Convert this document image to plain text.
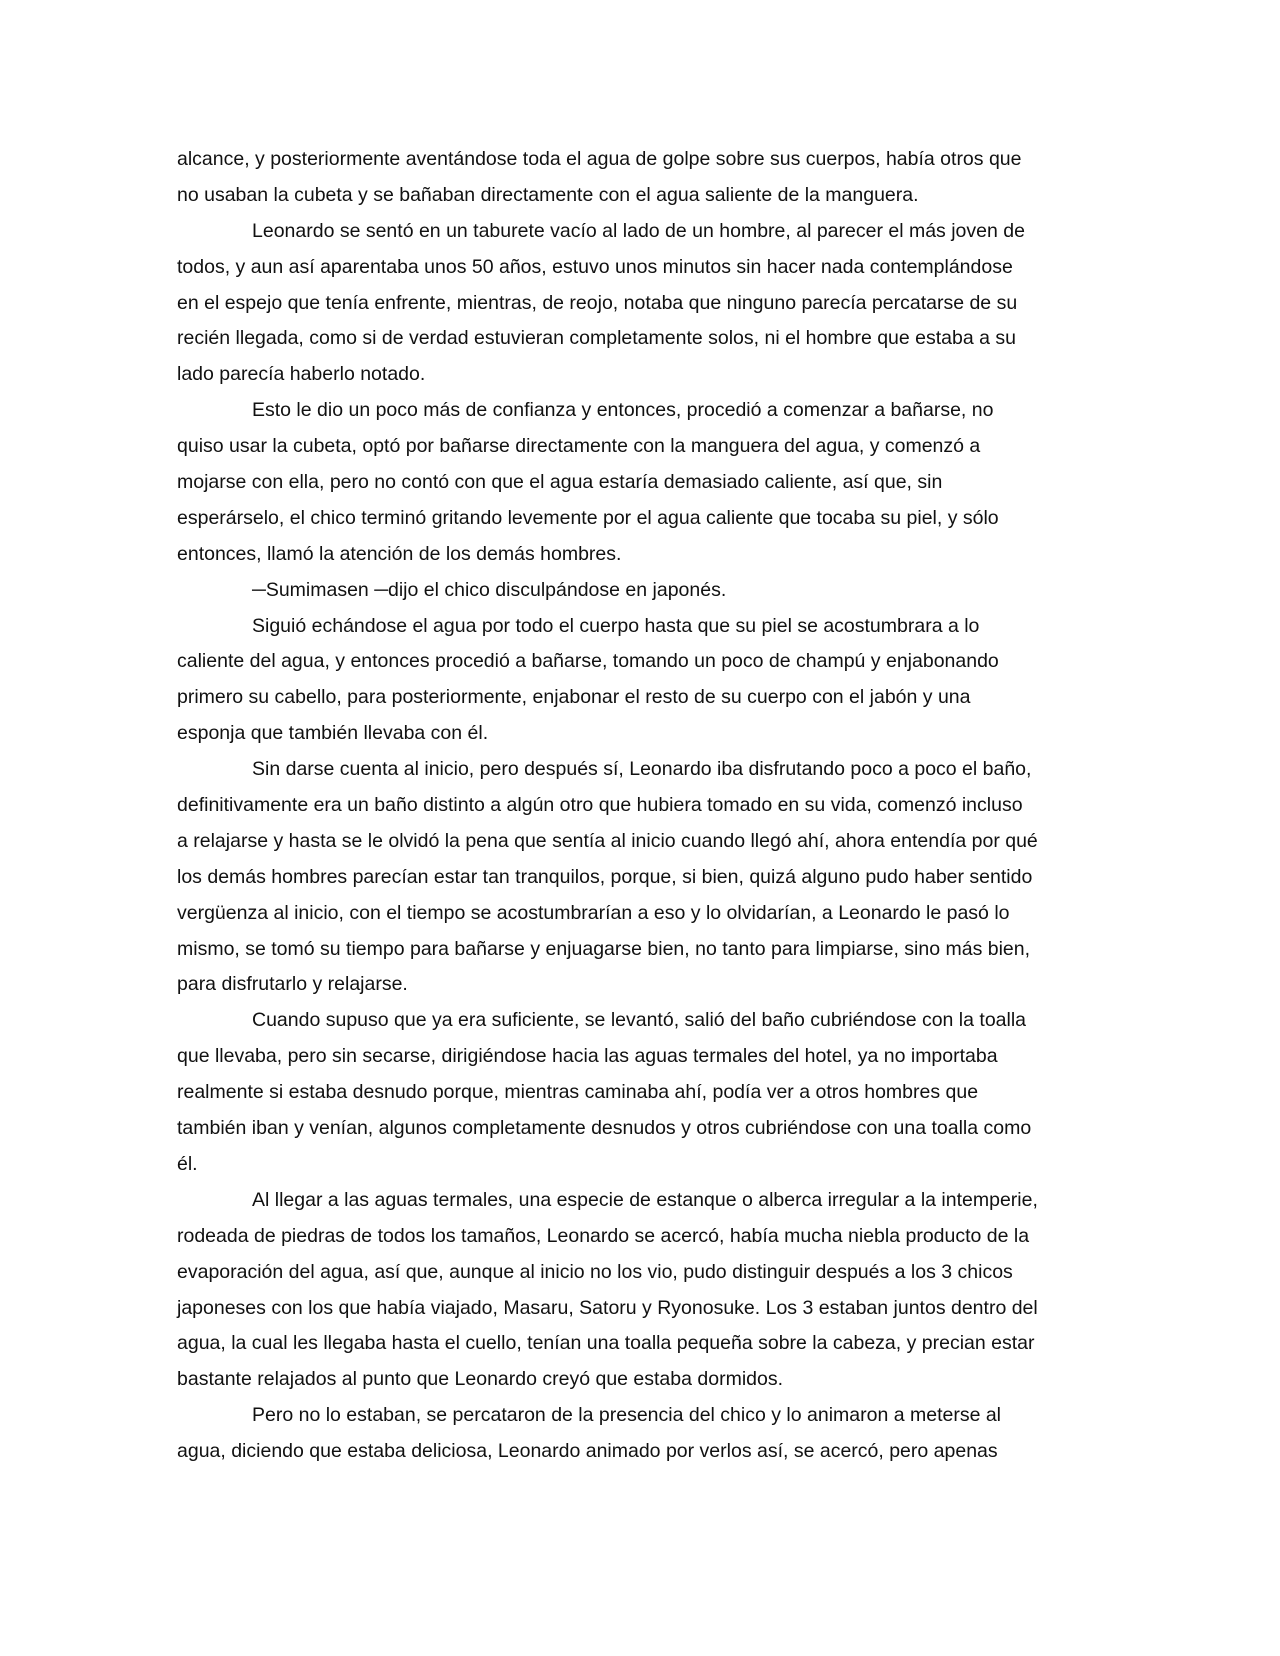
alcance, y posteriormente aventándose toda el agua de golpe sobre sus cuerpos, había otros que
no usaban la cubeta y se bañaban directamente con el agua saliente de la manguera.
Leonardo se sentó en un taburete vacío al lado de un hombre, al parecer el más joven de
todos, y aun así aparentaba unos 50 años, estuvo unos minutos sin hacer nada contemplándose
en el espejo que tenía enfrente, mientras, de reojo, notaba que ninguno parecía percatarse de su
recién llegada, como si de verdad estuvieran completamente solos, ni el hombre que estaba a su
lado parecía haberlo notado.
Esto le dio un poco más de confianza y entonces, procedió a comenzar a bañarse, no
quiso usar la cubeta, optó por bañarse directamente con la manguera del agua, y comenzó a
mojarse con ella, pero no contó con que el agua estaría demasiado caliente, así que, sin
esperárselo, el chico terminó gritando levemente por el agua caliente que tocaba su piel, y sólo
entonces, llamó la atención de los demás hombres.
─Sumimasen ─dijo el chico disculpándose en japonés.
Siguió echándose el agua por todo el cuerpo hasta que su piel se acostumbrara a lo
caliente del agua, y entonces procedió a bañarse, tomando un poco de champú y enjabonando
primero su cabello, para posteriormente, enjabonar el resto de su cuerpo con el jabón y una
esponja que también llevaba con él.
Sin darse cuenta al inicio, pero después sí, Leonardo iba disfrutando poco a poco el baño,
definitivamente era un baño distinto a algún otro que hubiera tomado en su vida, comenzó incluso
a relajarse y hasta se le olvidó la pena que sentía al inicio cuando llegó ahí, ahora entendía por qué
los demás hombres parecían estar tan tranquilos, porque, si bien, quizá alguno pudo haber sentido
vergüenza al inicio, con el tiempo se acostumbrarían a eso y lo olvidarían, a Leonardo le pasó lo
mismo, se tomó su tiempo para bañarse y enjuagarse bien, no tanto para limpiarse, sino más bien,
para disfrutarlo y relajarse.
Cuando supuso que ya era suficiente, se levantó, salió del baño cubriéndose con la toalla
que llevaba, pero sin secarse, dirigiéndose hacia las aguas termales del hotel, ya no importaba
realmente si estaba desnudo porque, mientras caminaba ahí, podía ver a otros hombres que
también iban y venían, algunos completamente desnudos y otros cubriéndose con una toalla como
él.
Al llegar a las aguas termales, una especie de estanque o alberca irregular a la intemperie,
rodeada de piedras de todos los tamaños, Leonardo se acercó, había mucha niebla producto de la
evaporación del agua, así que, aunque al inicio no los vio, pudo distinguir después a los 3 chicos
japoneses con los que había viajado, Masaru, Satoru y Ryonosuke. Los 3 estaban juntos dentro del
agua, la cual les llegaba hasta el cuello, tenían una toalla pequeña sobre la cabeza, y precian estar
bastante relajados al punto que Leonardo creyó que estaba dormidos.
Pero no lo estaban, se percataron de la presencia del chico y lo animaron a meterse al
agua, diciendo que estaba deliciosa, Leonardo animado por verlos así, se acercó, pero apenas
